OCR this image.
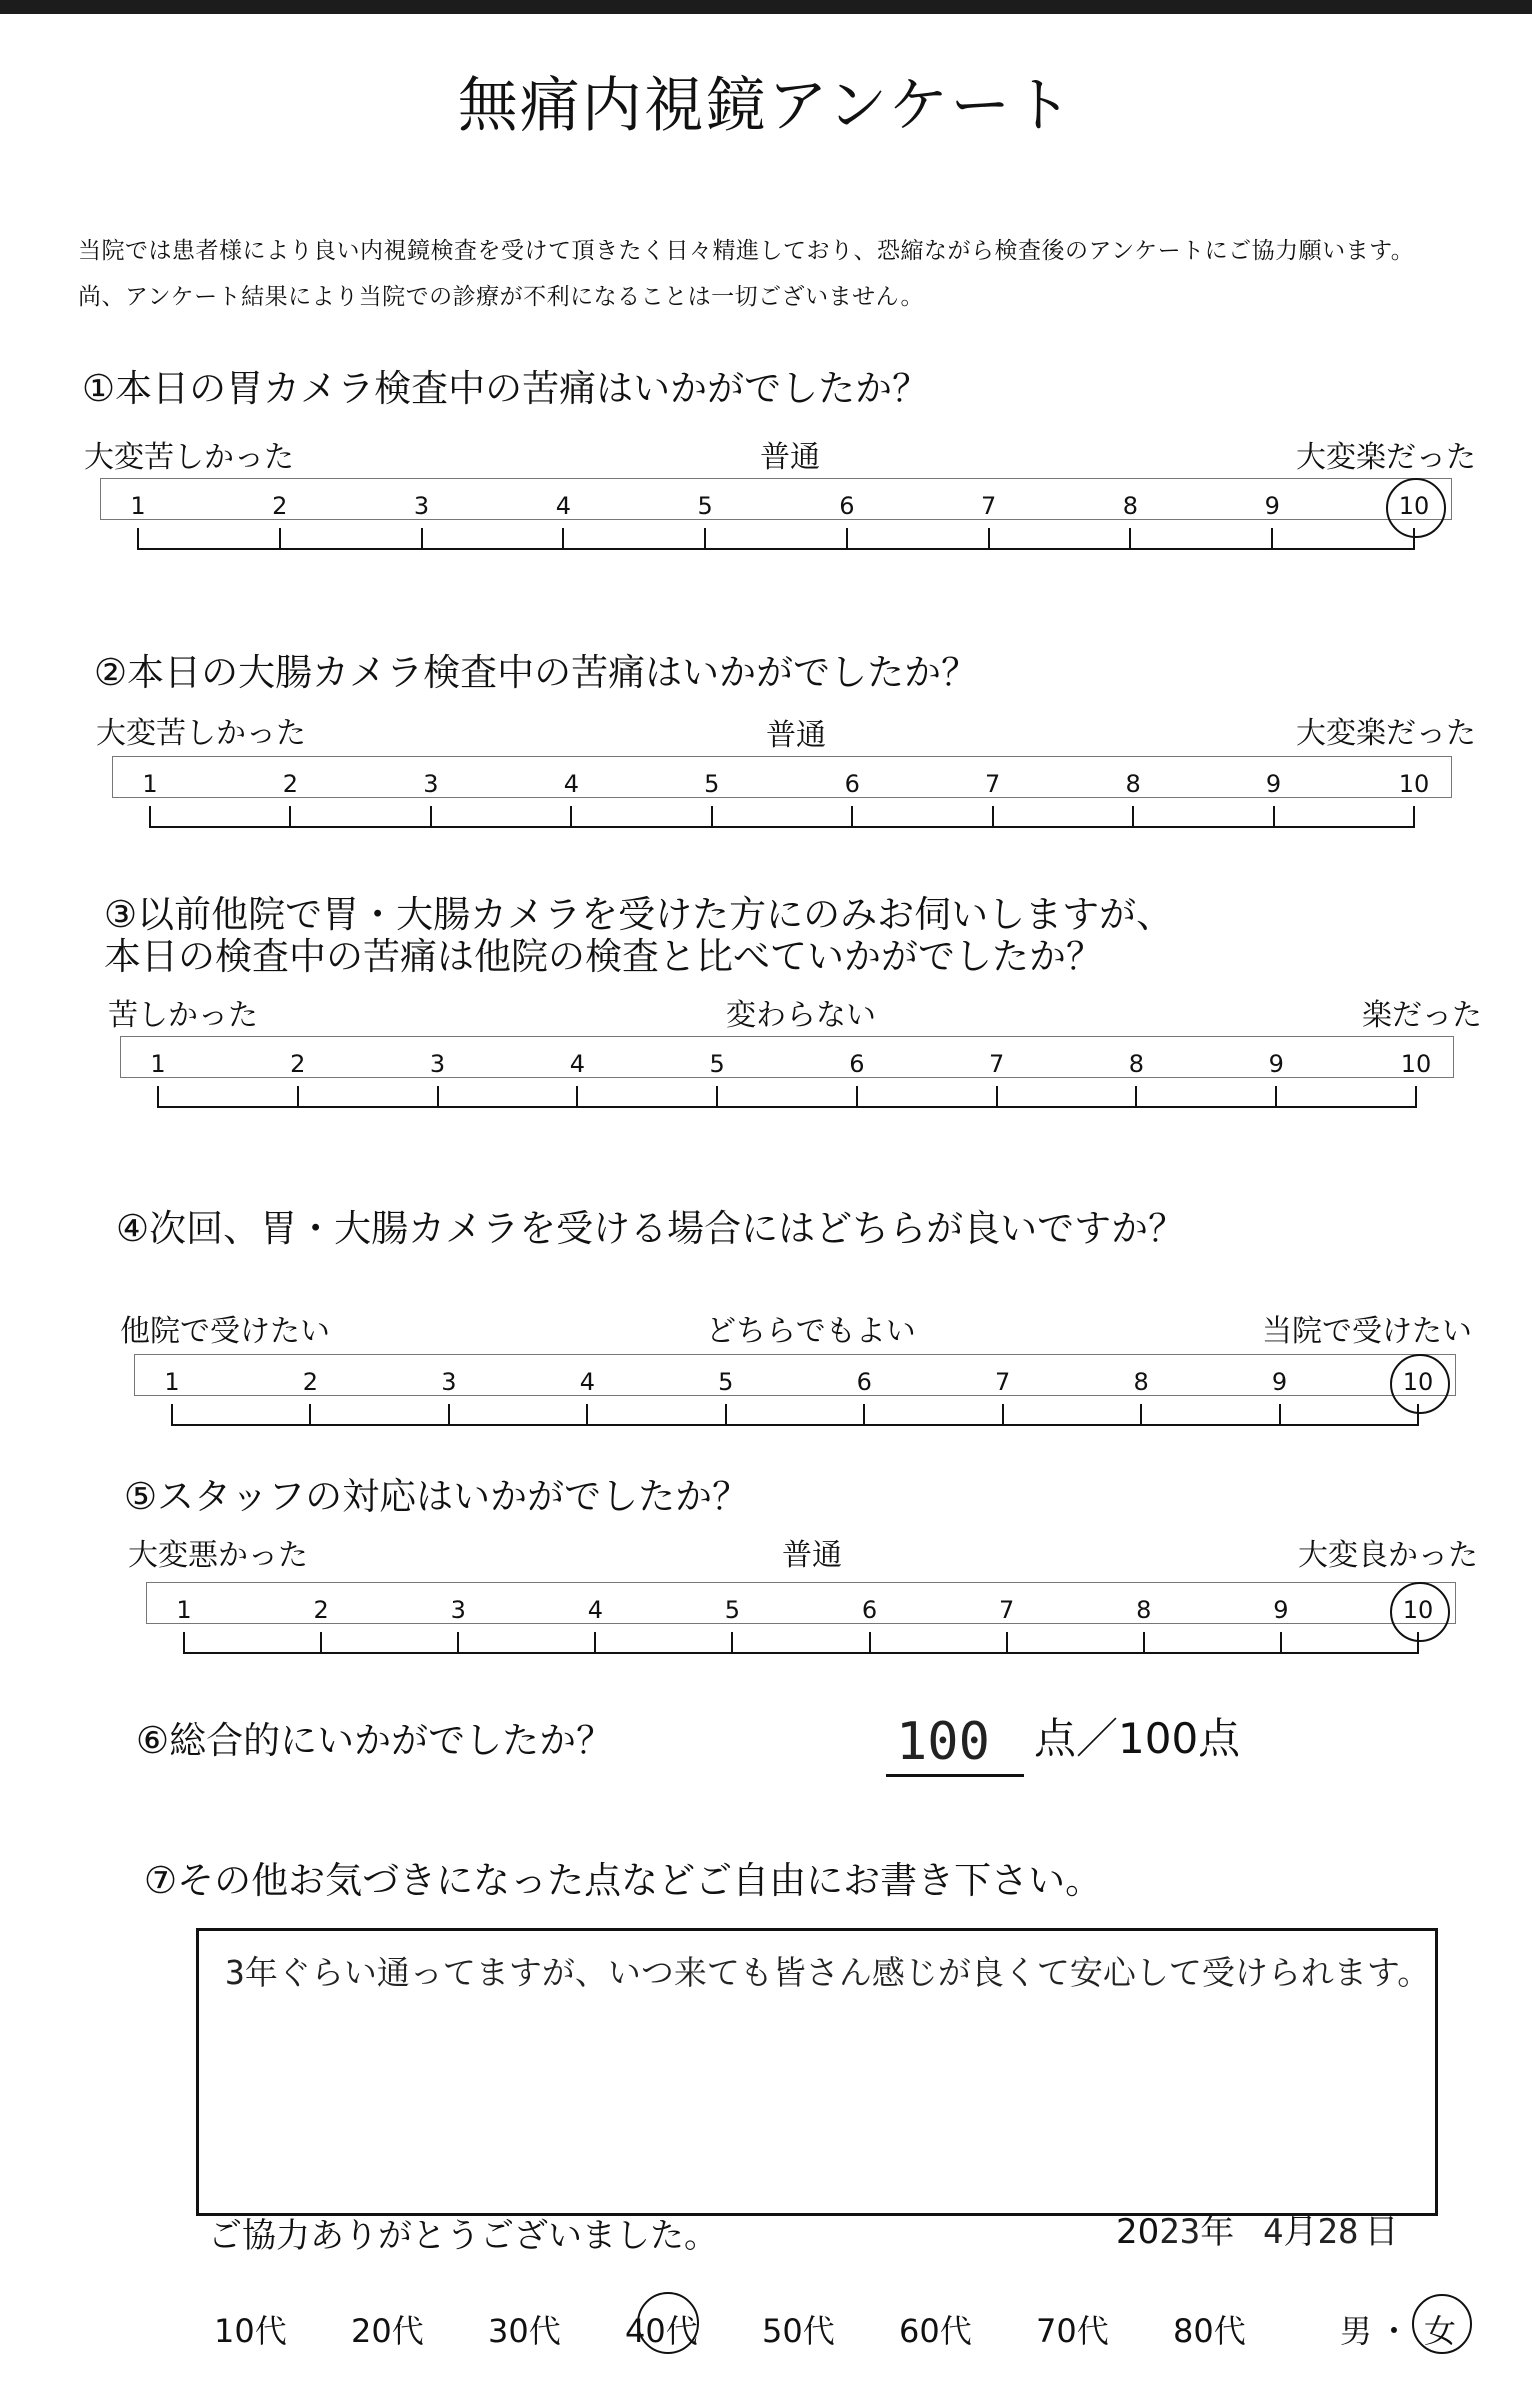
無痛内視鏡アンケート
当院では患者様により良い内視鏡検査を受けて頂きたく日々精進しており、恐縮ながら検査後のアンケートにご協力願います。
尚、アンケート結果により当院での診療が不利になることは一切ございません。
①本日の胃カメラ検査中の苦痛はいかがでしたか？
大変苦しかった	普通	大変楽だった
1	2	3	4	5	6	7	8	9	10
②本日の大腸カメラ検査中の苦痛はいかがでしたか？
大変苦しかった	普通	大変楽だった
1	2	3	4	5	6	7	8	9	10
③以前他院で胃・大腸カメラを受けた方にのみお伺いしますが、
本日の検査中の苦痛は他院の検査と比べていかがでしたか？
苦しかった	変わらない	楽だった
1	2	3	4	5	6	7	8	9	10
④次回、胃・大腸カメラを受ける場合にはどちらが良いですか？
他院で受けたい	どちらでもよい	当院で受けたい
1	2	3	4	5	6	7	8	9	10
⑤スタッフの対応はいかがでしたか？
大変悪かった	普通	大変良かった
1	2	3	4	5	6	7	8	9	10
⑥総合的にいかがでしたか？	100 点／100点
⑦その他お気づきになった点などご自由にお書き下さい。
3年ぐらい通ってますが、いつ来ても皆さん感じが良くて安心して受けられます。
ご協力ありがとうございました。	2023年 4月28 日
10代 20代 30代 40代 50代 60代 70代 80代	男 ・ 女
